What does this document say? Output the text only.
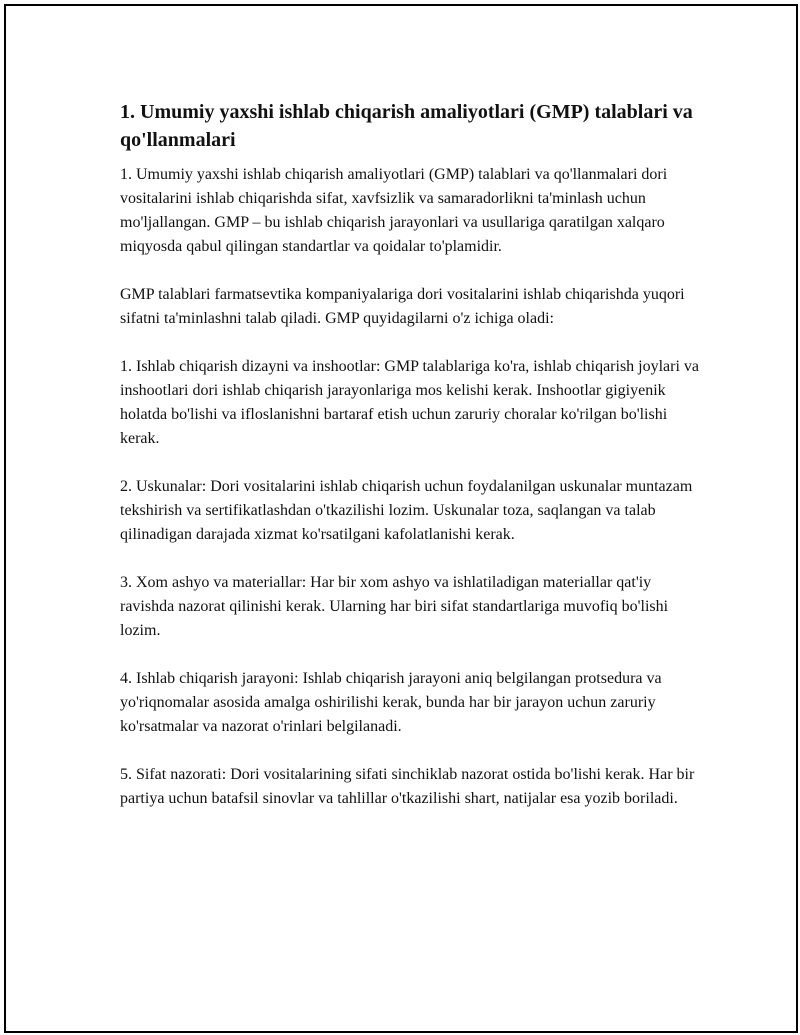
1. Umumiy yaxshi ishlab chiqarish amaliyotlari (GMP) talablari va qo'llanmalari

1. Umumiy yaxshi ishlab chiqarish amaliyotlari (GMP) talablari va qo'llanmalari dori vositalarini ishlab chiqarishda sifat, xavfsizlik va samaradorlikni ta'minlash uchun mo'ljallangan. GMP – bu ishlab chiqarish jarayonlari va usullariga qaratilgan xalqaro miqyosda qabul qilingan standartlar va qoidalar to'plamidir.

GMP talablari farmatsevtika kompaniyalariga dori vositalarini ishlab chiqarishda yuqori sifatni ta'minlashni talab qiladi. GMP quyidagilarni o'z ichiga oladi:

1. Ishlab chiqarish dizayni va inshootlar: GMP talablariga ko'ra, ishlab chiqarish joylari va inshootlari dori ishlab chiqarish jarayonlariga mos kelishi kerak. Inshootlar gigiyenik holatda bo'lishi va ifloslanishni bartaraf etish uchun zaruriy choralar ko'rilgan bo'lishi kerak.

2. Uskunalar: Dori vositalarini ishlab chiqarish uchun foydalanilgan uskunalar muntazam tekshirish va sertifikatlashdan o'tkazilishi lozim. Uskunalar toza, saqlangan va talab qilinadigan darajada xizmat ko'rsatilgani kafolatlanishi kerak.

3. Xom ashyo va materiallar: Har bir xom ashyo va ishlatiladigan materiallar qat'iy ravishda nazorat qilinishi kerak. Ularning har biri sifat standartlariga muvofiq bo'lishi lozim.

4. Ishlab chiqarish jarayoni: Ishlab chiqarish jarayoni aniq belgilangan protsedura va yo'riqnomalar asosida amalga oshirilishi kerak, bunda har bir jarayon uchun zaruriy ko'rsatmalar va nazorat o'rinlari belgilanadi.

5. Sifat nazorati: Dori vositalarining sifati sinchiklab nazorat ostida bo'lishi kerak. Har bir partiya uchun batafsil sinovlar va tahlillar o'tkazilishi shart, natijalar esa yozib boriladi.
